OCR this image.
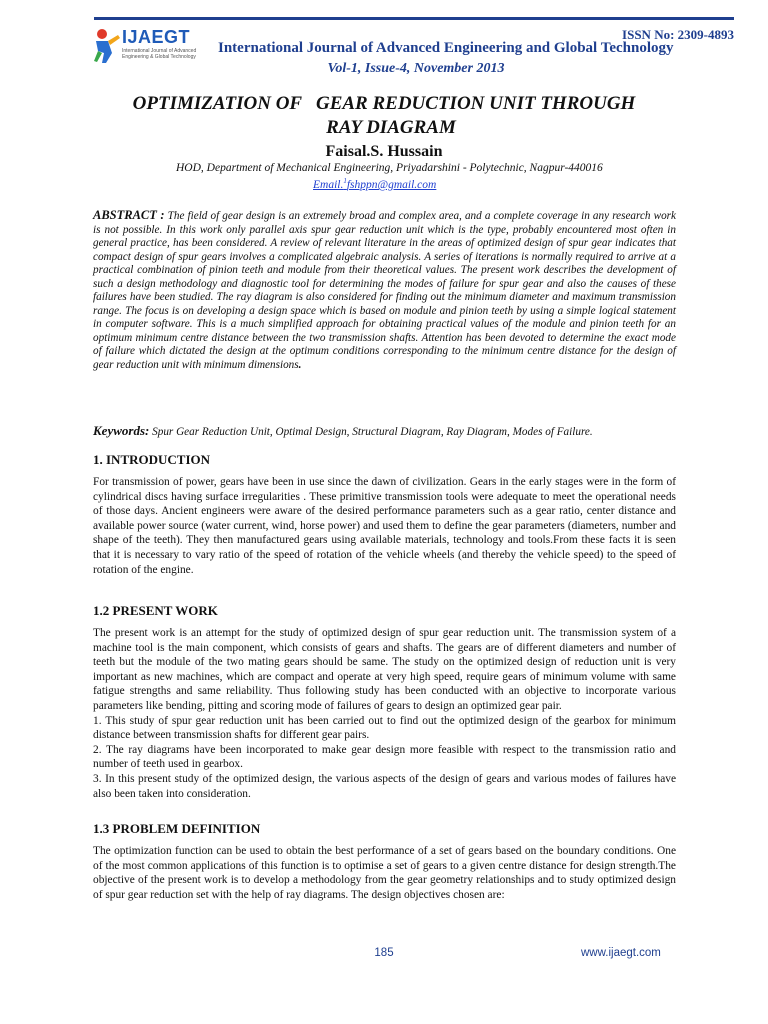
ISSN No: 2309-4893
IJAEGT
International Journal of Advanced Engineering & Global Technology
International Journal of Advanced Engineering and Global Technology
Vol-1, Issue-4, November 2013
OPTIMIZATION OF   GEAR REDUCTION UNIT THROUGH
RAY DIAGRAM
Faisal.S. Hussain
HOD, Department of Mechanical Engineering, Priyadarshini - Polytechnic, Nagpur-440016
Email.$^1$fshppn@gmail.com
ABSTRACT : The field of gear design is an extremely broad and complex area, and a complete coverage in any research work is not possible. In this work only parallel axis spur gear reduction unit which is the type, probably encountered most often in general practice, has been considered. A review of relevant literature in the areas of optimized design of spur gear indicates that compact design of spur gears involves a complicated algebraic analysis. A series of iterations is normally required to arrive at a practical combination of pinion teeth and module from their theoretical values. The present work describes the development of such a design methodology and diagnostic tool for determining the modes of failure for spur gear and also the causes of these failures have been studied. The ray diagram is also considered for finding out the minimum diameter and maximum transmission range. The focus is on developing a design space which is based on module and pinion teeth by using a simple logical statement in computer software. This is a much simplified approach for obtaining practical values of the module and pinion teeth for an optimum minimum centre distance between the two transmission shafts. Attention has been devoted to determine the exact mode of failure which dictated the design at the optimum conditions corresponding to the minimum centre distance for the design of gear reduction unit with minimum dimensions.
Keywords: Spur Gear Reduction Unit, Optimal Design, Structural Diagram, Ray Diagram, Modes of Failure.
1. INTRODUCTION

For transmission of power, gears have been in use since the dawn of civilization. Gears in the early stages were in the form of cylindrical discs having surface irregularities . These primitive transmission tools were adequate to meet the operational needs of those days. Ancient engineers were aware of the desired performance parameters such as a gear ratio, center distance and available power source (water current, wind, horse power) and used them to define the gear parameters (diameters, number and shape of the teeth). They then manufactured gears using available materials, technology and tools.From these facts it is seen that it is necessary to vary ratio of the speed of rotation of the vehicle wheels (and thereby the vehicle speed) to the speed of rotation of the engine.

1.2 PRESENT WORK

The present work is an attempt for the study of optimized design of spur gear reduction unit. The transmission system of a machine tool is the main component, which consists of gears and shafts. The gears are of different diameters and number of teeth but the module of the two mating gears should be same. The study on the optimized design of reduction unit is very important as new machines, which are compact and operate at very high speed, require gears of minimum volume with same fatigue strengths and same reliability. Thus following study has been conducted with an objective to incorporate various parameters like bending, pitting and scoring mode of failures of gears to design an optimized gear pair.

1. This study of spur gear reduction unit has been carried out to find out the optimized design of the gearbox for minimum distance between transmission shafts for different gear pairs.

2. The ray diagrams have been incorporated to make gear design more feasible with respect to the transmission ratio and number of teeth used in gearbox.

3. In this present study of the optimized design, the various aspects of the design of gears and various modes of failures have also been taken into consideration.

1.3 PROBLEM DEFINITION

The optimization function can be used to obtain the best performance of a set of gears based on the boundary conditions. One of the most common applications of this function is to optimise a set of gears to a given centre distance for design strength.The objective of the present work is to develop a methodology from the gear geometry relationships and to study optimized design of spur gear reduction set with the help of ray diagrams. The design objectives chosen are:

185	www.ijaegt.com
